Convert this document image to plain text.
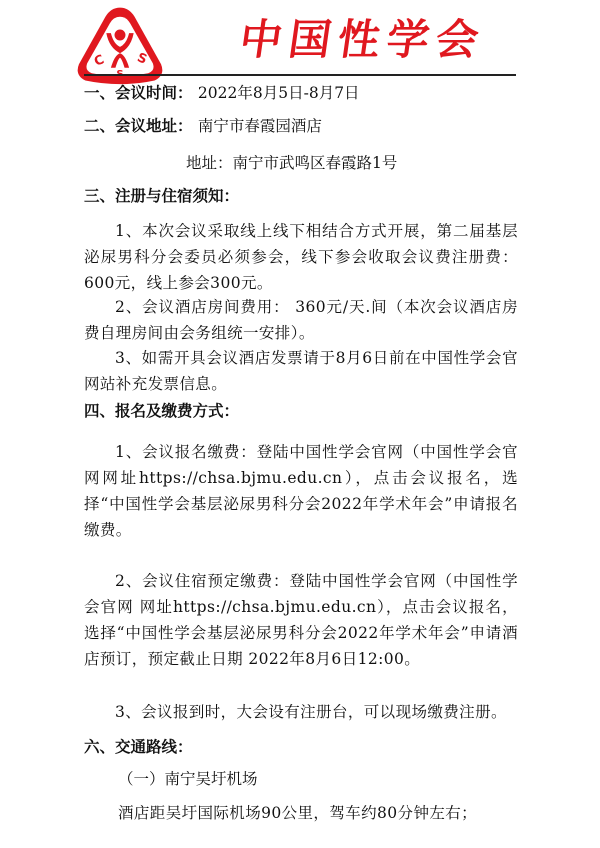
C
S
S 中国性学会
一、会议时间： 2022年8月5日-8月7日
二、会议地址： 南宁市春霞园酒店
地址：南宁市武鸣区春霞路1号
三、注册与住宿须知：
1、本次会议采取线上线下相结合方式开展，第二届基层泌尿男科分会委员必须参会，线下参会收取会议费注册费：600元，线上参会300元。
2、会议酒店房间费用： 360元/天.间（本次会议酒店房费自理房间由会务组统一安排）。
3、如需开具会议酒店发票请于8月6日前在中国性学会官网站补充发票信息。
四、报名及缴费方式：
1、会议报名缴费：登陆中国性学会官网（中国性学会官网网址https://chsa.bjmu.edu.cn），点击会议报名，选择“中国性学会基层泌尿男科分会2022年学术年会”申请报名缴费。
2、会议住宿预定缴费：登陆中国性学会官网（中国性学会官网 网址https://chsa.bjmu.edu.cn），点击会议报名，选择“中国性学会基层泌尿男科分会2022年学术年会”申请酒店预订，预定截止日期 2022年8月6日12:00。
3、会议报到时，大会设有注册台，可以现场缴费注册。
六、交通路线：
（一）南宁吴圩机场
酒店距吴圩国际机场90公里，驾车约80分钟左右；
